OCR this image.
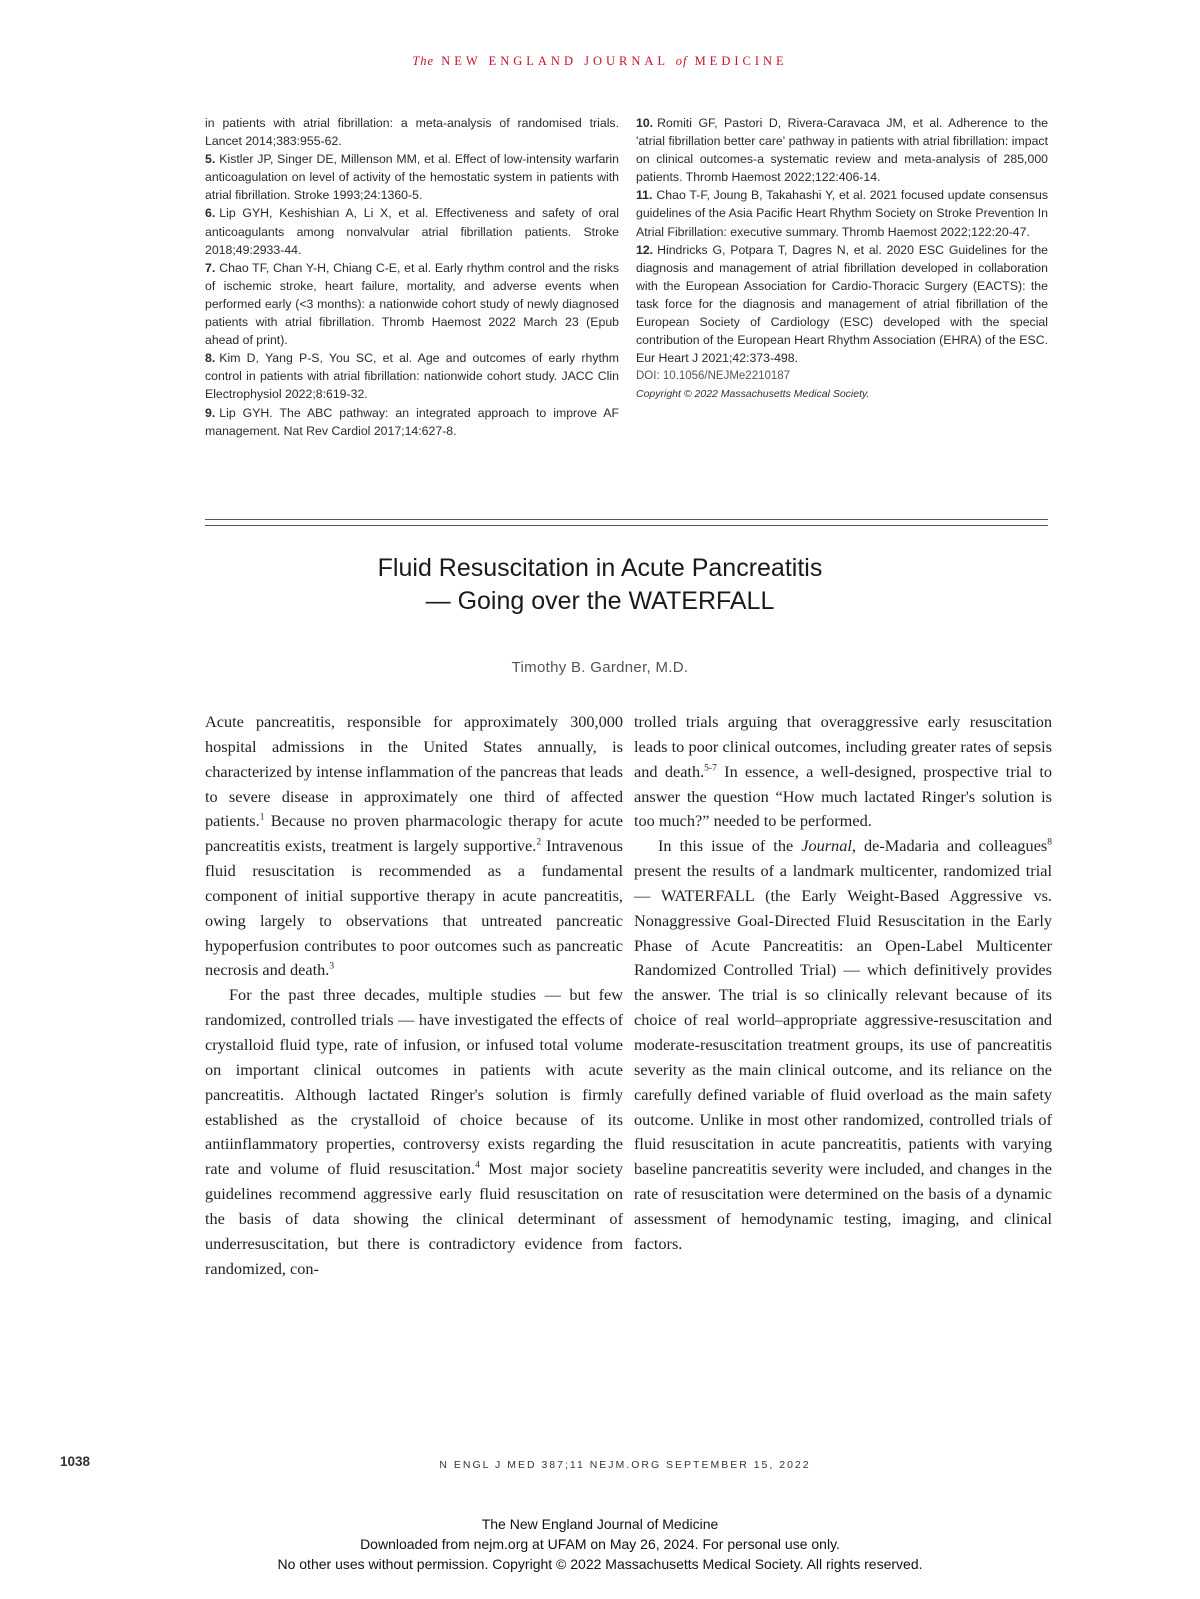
The NEW ENGLAND JOURNAL of MEDICINE

in patients with atrial fibrillation: a meta-analysis of randomised trials. Lancet 2014;383:955-62.

5. Kistler JP, Singer DE, Millenson MM, et al. Effect of low-intensity warfarin anticoagulation on level of activity of the hemostatic system in patients with atrial fibrillation. Stroke 1993;24:1360-5.

6. Lip GYH, Keshishian A, Li X, et al. Effectiveness and safety of oral anticoagulants among nonvalvular atrial fibrillation patients. Stroke 2018;49:2933-44.

7. Chao TF, Chan Y-H, Chiang C-E, et al. Early rhythm control and the risks of ischemic stroke, heart failure, mortality, and adverse events when performed early (<3 months): a nationwide cohort study of newly diagnosed patients with atrial fibrillation. Thromb Haemost 2022 March 23 (Epub ahead of print).

8. Kim D, Yang P-S, You SC, et al. Age and outcomes of early rhythm control in patients with atrial fibrillation: nationwide cohort study. JACC Clin Electrophysiol 2022;8:619-32.

9. Lip GYH. The ABC pathway: an integrated approach to improve AF management. Nat Rev Cardiol 2017;14:627-8.

10. Romiti GF, Pastori D, Rivera-Caravaca JM, et al. Adherence to the 'atrial fibrillation better care' pathway in patients with atrial fibrillation: impact on clinical outcomes-a systematic review and meta-analysis of 285,000 patients. Thromb Haemost 2022;122:406-14.

11. Chao T-F, Joung B, Takahashi Y, et al. 2021 focused update consensus guidelines of the Asia Pacific Heart Rhythm Society on Stroke Prevention In Atrial Fibrillation: executive summary. Thromb Haemost 2022;122:20-47.

12. Hindricks G, Potpara T, Dagres N, et al. 2020 ESC Guidelines for the diagnosis and management of atrial fibrillation developed in collaboration with the European Association for Cardio-Thoracic Surgery (EACTS): the task force for the diagnosis and management of atrial fibrillation of the European Society of Cardiology (ESC) developed with the special contribution of the European Heart Rhythm Association (EHRA) of the ESC. Eur Heart J 2021;42:373-498.

DOI: 10.1056/NEJMe2210187

Copyright © 2022 Massachusetts Medical Society.

Fluid Resuscitation in Acute Pancreatitis
— Going over the WATERFALL
Timothy B. Gardner, M.D.

Acute pancreatitis, responsible for approximately 300,000 hospital admissions in the United States annually, is characterized by intense inflammation of the pancreas that leads to severe disease in approximately one third of affected patients.$^1$ Because no proven pharmacologic therapy for acute pancreatitis exists, treatment is largely supportive.$^2$ Intravenous fluid resuscitation is recommended as a fundamental component of initial supportive therapy in acute pancreatitis, owing largely to observations that untreated pancreatic hypoperfusion contributes to poor outcomes such as pancreatic necrosis and death.$^3$

For the past three decades, multiple studies — but few randomized, controlled trials — have investigated the effects of crystalloid fluid type, rate of infusion, or infused total volume on important clinical outcomes in patients with acute pancreatitis. Although lactated Ringer's solution is firmly established as the crystalloid of choice because of its antiinflammatory properties, controversy exists regarding the rate and volume of fluid resuscitation.$^4$ Most major society guidelines recommend aggressive early fluid resuscitation on the basis of data showing the clinical determinant of underresuscitation, but there is contradictory evidence from randomized, con-

trolled trials arguing that overaggressive early resuscitation leads to poor clinical outcomes, including greater rates of sepsis and death.$^{5-7}$ In essence, a well-designed, prospective trial to answer the question “How much lactated Ringer's solution is too much?” needed to be performed.

In this issue of the Journal, de-Madaria and colleagues$^8$ present the results of a landmark multicenter, randomized trial — WATERFALL (the Early Weight-Based Aggressive vs. Nonaggressive Goal-Directed Fluid Resuscitation in the Early Phase of Acute Pancreatitis: an Open-Label Multicenter Randomized Controlled Trial) — which definitively provides the answer. The trial is so clinically relevant because of its choice of real world–appropriate aggressive-resuscitation and moderate-resuscitation treatment groups, its use of pancreatitis severity as the main clinical outcome, and its reliance on the carefully defined variable of fluid overload as the main safety outcome. Unlike in most other randomized, controlled trials of fluid resuscitation in acute pancreatitis, patients with varying baseline pancreatitis severity were included, and changes in the rate of resuscitation were determined on the basis of a dynamic assessment of hemodynamic testing, imaging, and clinical factors.

1038	N ENGL J MED 387;11 NEJM.ORG SEPTEMBER 15, 2022
The New England Journal of Medicine
Downloaded from nejm.org at UFAM on May 26, 2024. For personal use only.
No other uses without permission. Copyright © 2022 Massachusetts Medical Society. All rights reserved.
